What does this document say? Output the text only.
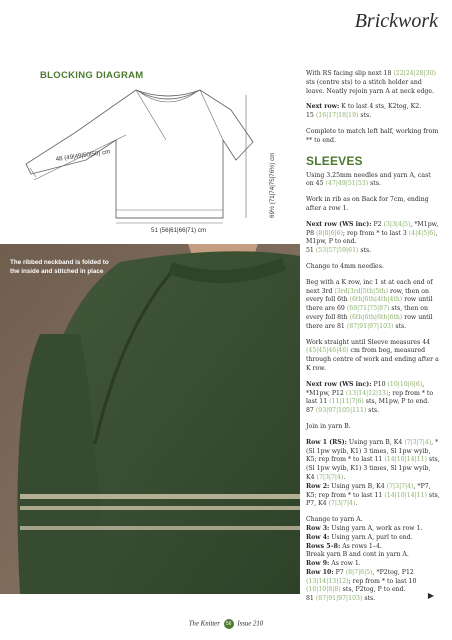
Brickwork
BLOCKING DIAGRAM
69½ (71|74|75|76½) cm
51 (56|61|66|71) cm
48 (49|49|50|50) cm
The ribbed neckband is folded to the inside and stitched in place

With RS facing slip next 18 (22|24|28|30) sts (centre sts) to a stitch holder and leave. Neatly rejoin yarn A at neck edge.

Next row: K to last 4 sts, K2tog, K2.

15 (16|17|18|19) sts.

Complete to match left half, working from ** to end.

SLEEVES

Using 3.25mm needles and yarn A, cast on 45 (47|49|51|53) sts.

Work in rib as on Back for 7cm, ending after a row 1.

Next row (WS inc): P2 (3|3|4|5), *M1pw, P8 (8|8|6|6); rep from * to last 3 (4|4|5|6), M1pw, P to end.

51 (53|57|59|61) sts.

Change to 4mm needles.

Beg with a K row, inc 1 st at each end of next 3rd (3rd|3rd|5th|5th) row, then on every foll 6th (6th|6th|4th|4th) row until there are 69 (69|71|75|87) sts, then on every foll 8th (6th|6th|6th|6th) row until there are 81 (87|91|97|103) sts.

Work straight until Sleeve measures 44 (45|45|46|46) cm from beg, measured through centre of work and ending after a K row.

Next row (WS inc): P10 (10|10|6|6), *M1pw, P12 (13|14|12|13); rep from * to last 11 (11|11|7|6) sts, M1pw, P to end.

87 (93|97|105|111) sts.

Join in yarn B.

Row 1 (RS): Using yarn B, K4 (7|3|7|4), *(Sl 1pw wyib, K1) 3 times, Sl 1pw wyib, K5; rep from * to last 11 (14|10|14|11) sts, (Sl 1pw wyib, K1) 3 times, Sl 1pw wyib, K4 (7|3|7|4).

Row 2: Using yarn B, K4 (7|3|7|4), *P7, K5; rep from * to last 11 (14|10|14|11) sts, P7, K4 (7|3|7|4).

Change to yarn A.
Row 3: Using yarn A, work as row 1.
Row 4: Using yarn A, purl to end.
Rows 5–8: As rows 1–4.
Break yarn B and cont in yarn A.
Row 9: As row 1.
Row 10: P7 (8|7|6|5), *P2tog, P12 (13|14|13|12); rep from * to last 10 (10|10|8|8) sts, P2tog, P to end.
81 (87|91|97|103) sts.	▶
The Knitter 56 Issue 210
